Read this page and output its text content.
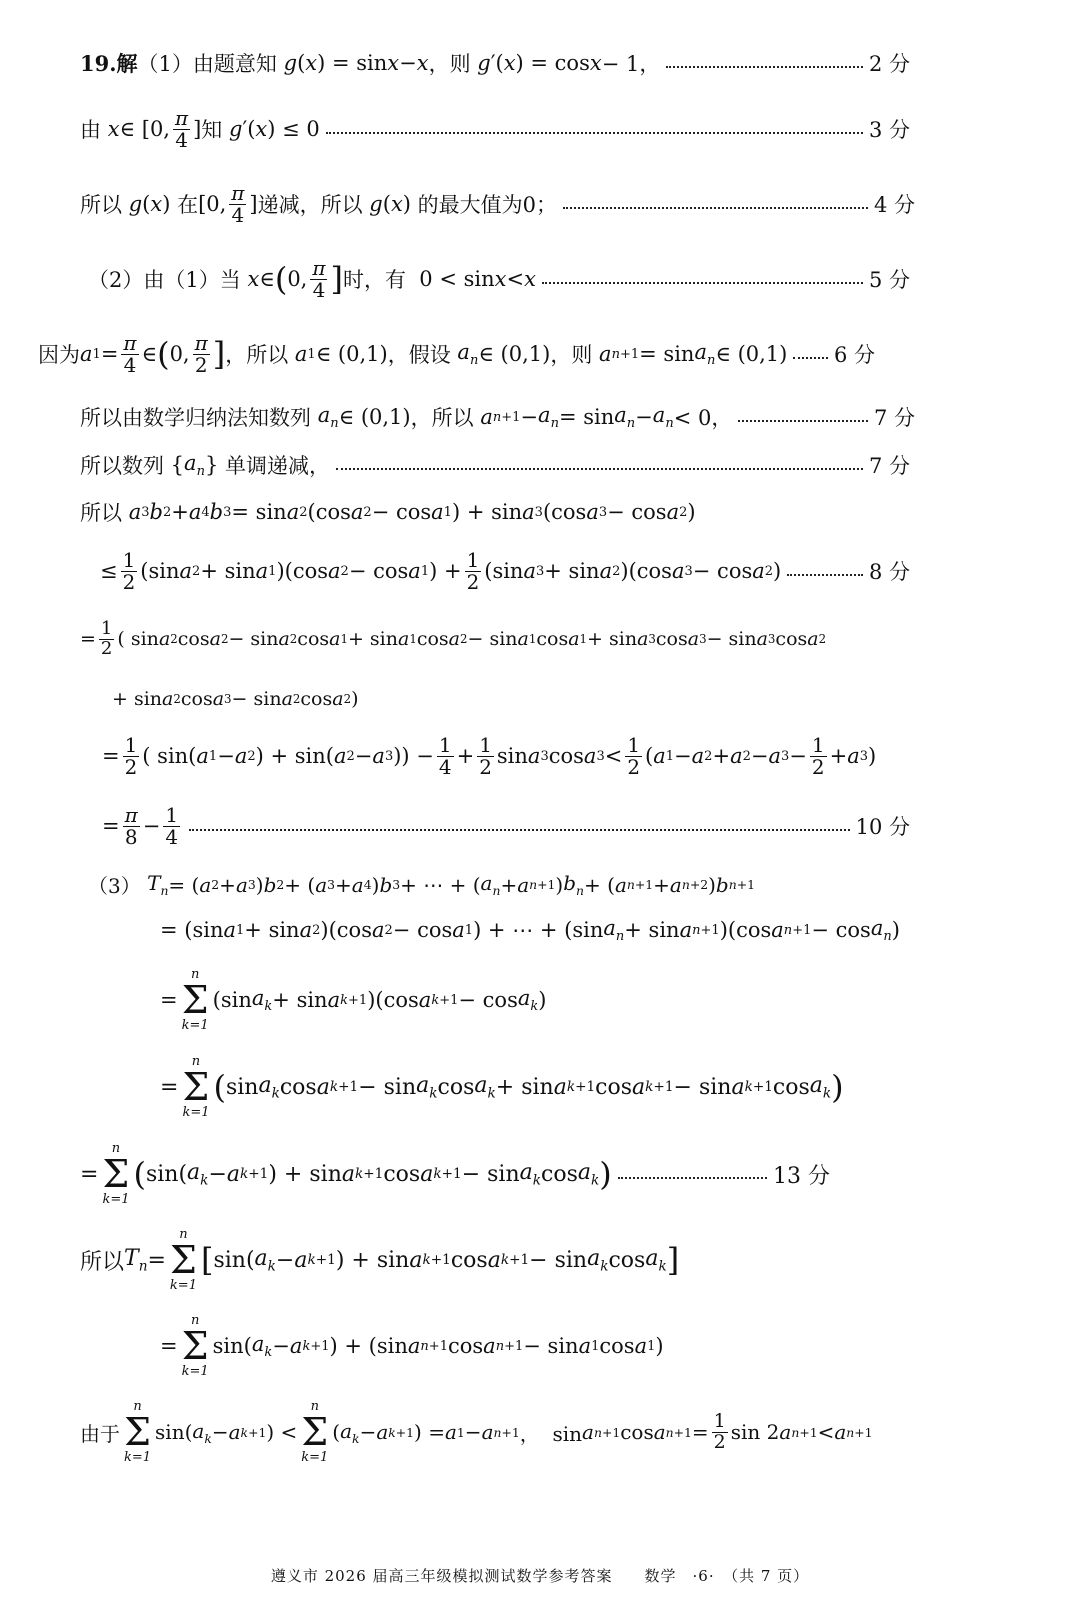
19.解 （1） 由题意知
g ( x ) = sin x − x ，则
g ′( x ) = cos x − 1，	2 分
由
x ∈ [0, $\frac{\pi}{4}$ ] 知
g ′( x ) ≤ 0	3 分
所以
g ( x ) 在 [0, $\frac{\pi}{4}$ ] 递减，所以
g ( x ) 的最大值为0；	4 分
（2） 由（1）当
x ∈ ( 0, $\frac{\pi}{4}$ ] 时，有 0 < sin x < x	5 分
因为 a $1 = \frac{\pi}{4}$ ∈ ( 0, $\frac{\pi}{2}$ ] ，所以
a 1 ∈ (0,1) ，假设
$a_n$ ∈ (0,1) ，则
a $n+1 = \sin a_n$ ∈ (0,1) 6 分
所以由数学归纳法知数列
$a_n$ ∈ (0,1) ，所以
a $n+1 - a_n = \sin a_n - a_n < 0$，	7 分
所以数列 { $a_n$ } 单调递减，	7 分
所以
a 3 b 2 + a 4 b 3 = sin a 2 (cos a 2 − cos a 1 ) + sin a 3 (cos a 3 − cos a 2 )
≤ $\frac{1}{2} (\sin$ a 2 + sin a 1 )(cos a 2 − cos a 1 ) + $\frac{1}{2} (\sin$ a 3 + sin a 2 )(cos a 3 − cos a 2 )	8 分
= $\frac{1}{2}$ ( sin a 2 cos a 2 − sin a 2 cos a 1 + sin a 1 cos a 2 − sin a 1 cos a 1 + sin a 3 cos a 3 − sin a 3 cos a 2
+ sin a 2 cos a 3 − sin a 2 cos a 2 )
= $\frac{1}{2}$ ( sin( a 1 − a 2 ) + sin( a 2 − a 3 )) − $\frac{1}{4} + \frac{1}{2}$ sin a 3 cos a $3 < \frac{1}{2}$ ( a 1 − a 2 + a 2 − a $3 - \frac{1}{2} + a$ 3 )
= $\frac{\pi}{8} - \frac{1}{4}$	10 分
（3）
$T_n$ = ( a 2 + a 3 ) b 2 + ( a 3 + a 4 ) b 3 + ⋯ + ( $a_n + a$ n+1 ) $b_n$ + ( a n+1 + a n+2 ) b n+1
= (sin a 1 + sin a 2 )(cos a 2 − cos a 1 ) + ⋯ + (sin $a_n + \sin a$ n+1 )(cos a $n+1 - \cos a_n$ )
=
n
Σ
k=1
(sin $a_k + \sin a$ k+1 )(cos a $k+1 - \cos a_k$ )
=
n
Σ
k=1
( $\sin a_k$ cos a $k+1 - \sin a_k$ $\cos a_k + \sin a$ k+1 cos a k+1 − sin a k+1 $\cos a_k$ )
=
n
Σ
k=1
( sin( $a_k - a$ k+1 ) + sin a k+1 cos a $k+1 - \sin a_k$ $\cos a_k$ )	13 分
所以 $T_n$ =
n
Σ
k=1
[ sin( $a_k - a$ k+1 ) + sin a k+1 cos a $k+1 - \sin a_k$ $\cos a_k$ ]
=
n
Σ
k=1
sin( $a_k - a$ k+1 ) + (sin a n+1 cos a n+1 − sin a 1 cos a 1 )
由于
n
Σ
k=1
sin( $a_k - a$ k+1 ) <
n
Σ
k=1
( $a_k - a$ k+1 ) = a 1 − a n+1 ，  sin a n+1 cos a $n+1 = \frac{1}{2}$ sin 2 a n+1 < a n+1
遵义市 2026 届高三年级模拟测试数学参考答案　　数学　·6·　（共 7 页）
